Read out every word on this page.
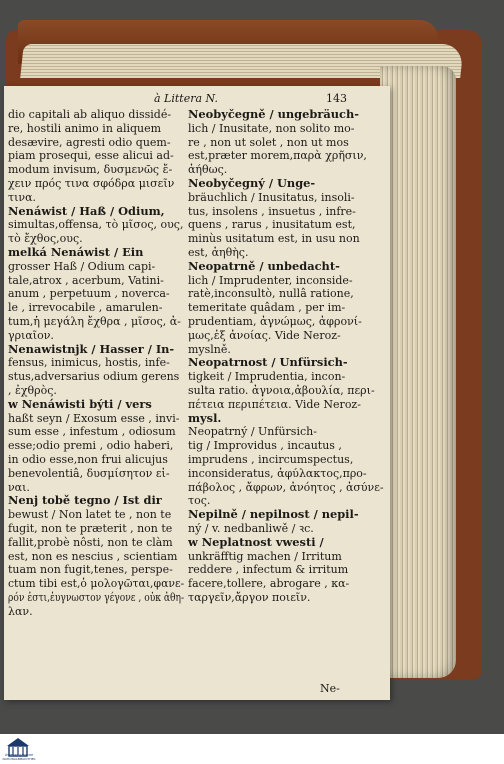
à Littera N.	143
dio capitali ab aliquo dissidé-
re, hostili animo in aliquem
desævire, agresti odio quem-
piam prosequi, esse alicui ad-
modum invisum, δυσμενῶς ἔ-
χειν πρός τινα σφόδρα μισεῖν
τινα.
Nenáwist / Haß / Odium,
simultas,offensa, τὸ μῖσος, ους,
τὸ ἔχθος,ους.
melká Nenáwist / Ein
grosser Haß / Odium capi-
tale,atrox , acerbum, Vatini-
anum , perpetuum , noverca-
le , irrevocabile , amarulen-
tum,ἡ μεγάλη ἔχθρα , μῖσος, ἀ-
γριαῖον.
Nenawistnjk / Hasser / In-
fensus, inimicus, hostis, infe-
stus,adversarius odium gerens
, ἐχθρὸς.
w Nenáwisti býti / vers
haßt seyn / Exosum esse , invi-
sum esse , infestum , odiosum
esse;odio premi , odio haberi,
in odio esse,non frui alicujus
benevolentiâ, δυσμίσητον εἰ-
ναι.
Nenj tobě tegno / Ist dir
bewust / Non latet te , non te
fugit, non te præterit , non te
fallit,probè nôsti, non te clàm
est, non es nescius , scientiam
tuam non fugit,tenes, perspe-
ctum tibi est,ὁ μολογῶται,φανε-
ρόν ἐστι,ἐυγνωστον γέγονε , οὐκ ἀθη-
λαν.
Neobyčegně / ungebräuch-
lich / Inusitate, non solito mo-
re , non ut solet , non ut mos
est,præter morem,παρὰ χρῆσιν,
ἀήθως.
Neobyčegný / Unge-
bräuchlich / Inusitatus, insoli-
tus, insolens , insuetus , infre-
quens , rarus , inusitatum est,
minùs usitatum est, in usu non
est, ἀηθὴς.
Neopatrně / unbedacht-
lich / Imprudenter, inconside-
ratè,inconsultò, nullâ ratione,
temeritate quâdam , per im-
prudentiam, ἀγνώμως, ἀφρονί-
μως,ἐξ ἀνοίας. Vide Neroz-
myslně.
Neopatrnost / Unfürsich-
tigkeit / Imprudentia, incon-
sulta ratio. ἀγνοια,ἀβουλία, περι-
πέτεια περιπέτεια. Vide Neroz-
mysl.
Neopatrný / Unfürsich-
tig / Improvidus , incautus ,
imprudens , incircumspectus,
inconsideratus, ἀφύλακτος,προ-
πάβολος , ἄφρων, ἀνόητος , ἀσύνε-
τος.
Nepilně / nepilnost / nepil-
ný / v. nedbanliwě / ꝛc.
w Neplatnost vwesti /
unkräfftig machen / Irritum
reddere , infectum & irritum
facere,tollere, abrogare , κα-
ταργεῖν,ἄργον ποιεῖν.
Ne-
ÖSTERREICHISCHE
NATIONALBIBLIOTHEK
